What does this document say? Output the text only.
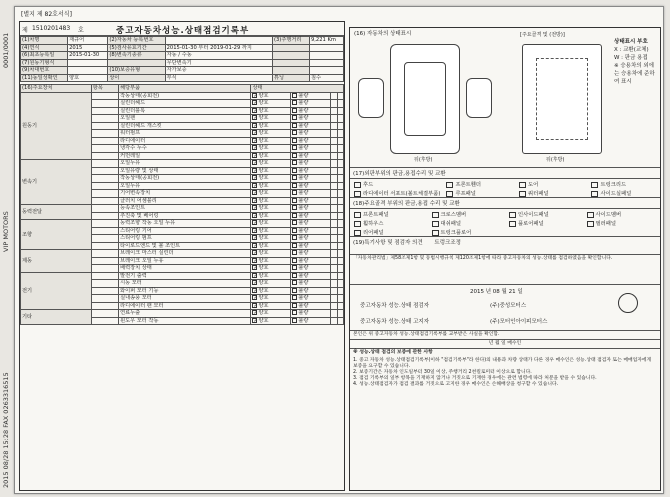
0001/0001
VIP MOTORS
2015 08/28 15:28 FAX 0263316515
[별지 제 82호서식]
제 1510201483 호	중고자동차성능.상태점검기록부
(1)차명	재규어	(2)자동차 등록번호		(3)주행거리	9,221 Km
(4)연식	2015	(5)검사유효기간	2015-01-30 부터 2019-01-29 까지		
(6)최초등록일	2015-01-30	(8)변속기종류	자동 / 수동		
(7)원동기형식			무단변속기		
(9)차대번호		(10)보증유형	자가보증		
(11)동일성확인	양호	상이	부식	튜닝	침수
(16)주요장치	항목	해당부품	상태			
원동기		작동상태(공회전)	✓양호	불량		
		실린더헤드	✓양호	불량		
		실린더블록	✓양호	불량		
		오일팬	✓양호	불량		
		실린더헤드 개스킷	✓양호	불량		
		워터펌프	✓양호	불량		
		라디에이터	✓양호	불량		
		냉각수 누수	✓양호	불량		
		커먼레일	✓양호	불량		
변속기		오일누유	✓양호	불량		
		오일유량 및 상태	✓양호	불량		
		작동상태(공회전)	✓양호	불량		
		오일누유	✓양호	불량		
		기어변속장치	✓양호	불량		
		클러치 어셈블리	✓양호	불량		
동력전달		등속조인트	✓양호	불량		
		추진축 및 베어링	✓양호	불량		
조향		동력조향 작동 오일 누유	✓양호	불량		
		스티어링 기어	✓양호	불량		
		스티어링 펌프	✓양호	불량		
		타이로드엔드 및 볼 조인트	✓양호	불량		
제동		브레이크 마스터 실린더	✓양호	불량		
		브레이크 오일 누유	✓양호	불량		
		배력장치 상태	✓양호	불량		
전기		발전기 출력	✓양호	불량		
		시동 모터	✓양호	불량		
		와이퍼 모터 기능	✓양호	불량		
		실내송풍 모터	✓양호	불량		
		라디에이터 팬 모터	✓양호	불량		
기타		연료누출	✓양호	불량		
		윈도우 모터 작동	✓양호	불량		
(16) 자동차의 상태표시	[주요골격 및 (전방)]
뒤(후방)
뒤(후방)
상태표시 부호
X : 교환(교체)
W : 판금 용접
※ 승용차의 외에는 승용차에 준하여 표시
(17)외판부위의 판금,용접수리 및 교환
후드	프론트휀더	도어	트렁크리드
라디에이터 서포트(볼트체결부품)	루프패널	쿼터패널	사이드실패널
(18)주요골격 부위의 판금,용접 수리 및 교환
프론트패널	크로스멤버	인사이드패널	사이드멤버
휠하우스	대쉬패널	플로어패널	필러패널
리어패널	트렁크플로어
(19)특기사항 및 점검자 의견 트렁크조정
「자동차관리법」제58조제1항 및 동법시행규칙 제120조제1항에 따라 중고자동차의 성능.상태를 점검하였음을 확인합니다.
2015 년 08 월 21 일
중고자동차 성능.상태 점검자	(주)중성모터스
중고자동차 성능.상태 고지자	(주)모터인아이피모터스
본인은 위 중고자동차 성능.상태점검기록부를 교부받은 사실을 확인함.
년 월 일 매수인
※ 성능.상태 점검의 보증에 관한 사항
1. 중고 자동차 성능.상태점검기록부(이하 "점검기록부"라 한다)의 내용과 차량 상태가 다른 경우 매수인은 성능.상태 점검자 또는 매매업자에게 보증을 요구할 수 있습니다.
2. 보증기간은 자동차 인도일부터 30일 이상, 주행거리 2천킬로미터 이상으로 합니다.
3. 점검 기록부의 일부 항목을 기재하지 않거나 거짓으로 기재한 경우에는 관련 법령에 따라 처분을 받을 수 있습니다.
4. 성능.상태점검자가 점검 결과를 거짓으로 고지한 경우 매수인은 손해배상을 청구할 수 있습니다.
